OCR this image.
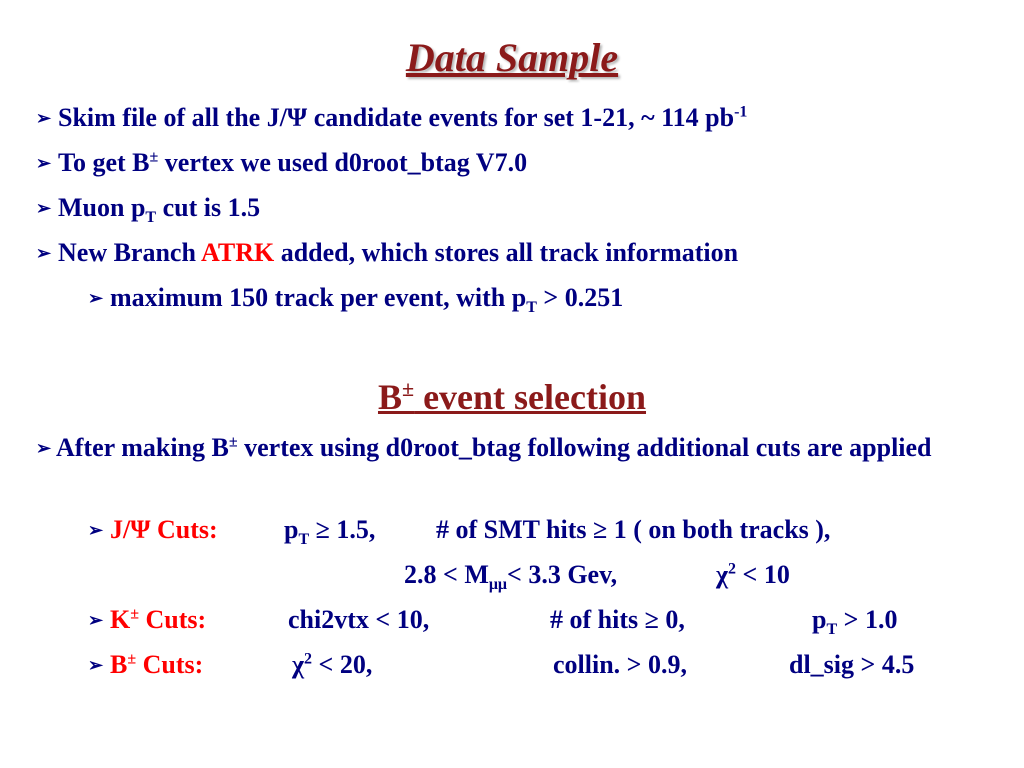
Data Sample
➢ Skim file of all the J/Ψ candidate events for set 1-21, ~ 114 $pb^{-1}$
➢ To get B± vertex we used d0root_btag V7.0
➢ Muon $p_T$ cut is 1.5
➢ New Branch ATRK added, which stores all track information
➢ maximum 150 track per event, with $p_T > 0.251$
B± event selection
➢ After making B± vertex using d0root_btag following additional cuts are applied
➢ J/Ψ Cuts:	$p_T \ge 1.5$, # of SMT hits ≥ 1 ( on both tracks ),
$2.8 < M_{\mu\mu}< 3.3$ Gev,	$\chi^2 < 10$
➢ K± Cuts:	chi2vtx < 10,	# of hits ≥ 0,	$p_T > 1.0$
➢ B± Cuts:	$\chi^2 < 20$,	collin. > 0.9,	dl_sig > 4.5
